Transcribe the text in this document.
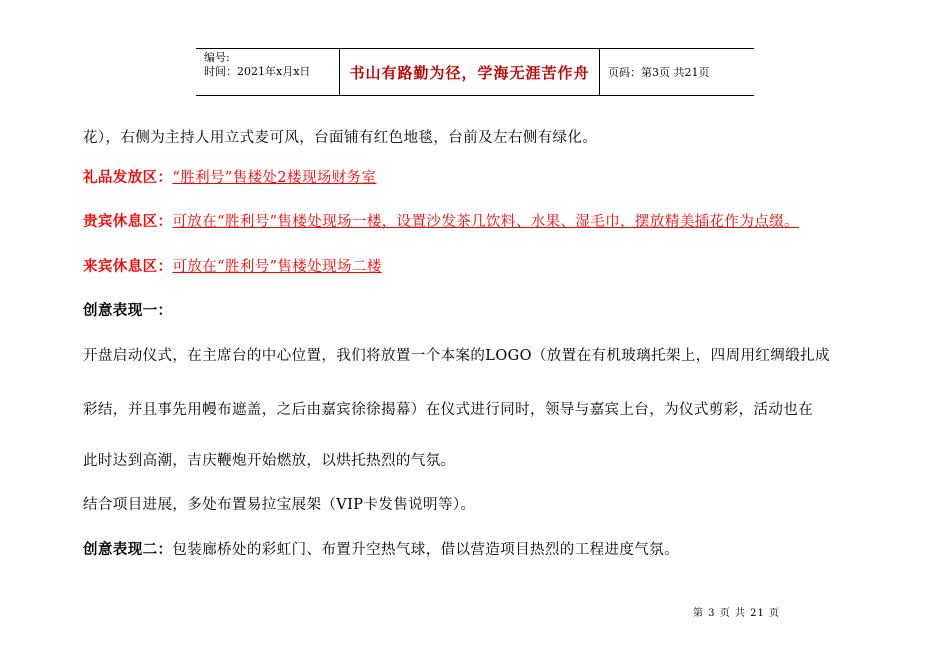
编号:
时间：2021年x月x日	书山有路勤为径，学海无涯苦作舟 页码：第3页 共21页
花），右侧为主持人用立式麦可风，台面铺有红色地毯，台前及左右侧有绿化。
礼品发放区：“胜利号”售楼处2楼现场财务室
贵宾休息区：可放在“胜利号”售楼处现场一楼，设置沙发茶几饮料、水果、湿毛巾，摆放精美插花作为点缀。
来宾休息区：可放在“胜利号”售楼处现场二楼
创意表现一：
开盘启动仪式，在主席台的中心位置，我们将放置一个本案的LOGO（放置在有机玻璃托架上，四周用红绸缎扎成
彩结，并且事先用幔布遮盖，之后由嘉宾徐徐揭幕）在仪式进行同时，领导与嘉宾上台，为仪式剪彩，活动也在
此时达到高潮，吉庆鞭炮开始燃放，以烘托热烈的气氛。
结合项目进展，多处布置易拉宝展架（VIP卡发售说明等）。
创意表现二：包装廊桥处的彩虹门、布置升空热气球，借以营造项目热烈的工程进度气氛。
第 3 页 共 21 页
